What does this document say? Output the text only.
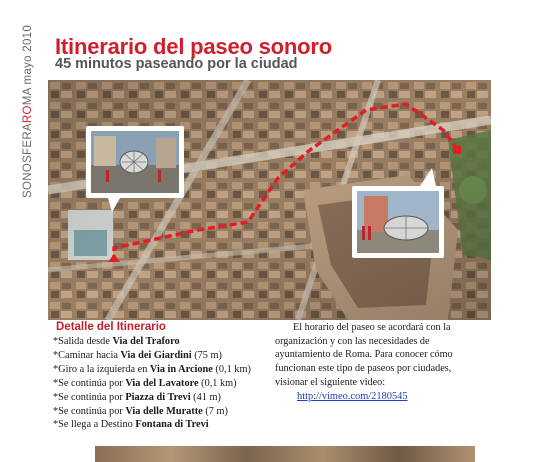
SONOSFERAROMA mayo 2010 Itinerario del paseo sonoro
45 minutos paseando por la ciudad
Detalle del Itinerario
*Salida desde Via del Traforo
*Caminar hacia Via dei Giardini (75 m)
*Giro a la izquierda en Via in Arcione (0,1 km)
*Se continúa por Via del Lavatore (0,1 km)
*Se continúa por Piazza di Trevi (41 m)
*Se continúa por Via delle Muratte (7 m)
*Se llega a Destino Fontana di Trevi

El horario del paseo se acordará con la organización y con las necesidades de ayuntamiento de Roma. Para conocer cómo funcionan este tipo de paseos por ciudades, visionar el siguiente video:

http://vimeo.com/2180545
